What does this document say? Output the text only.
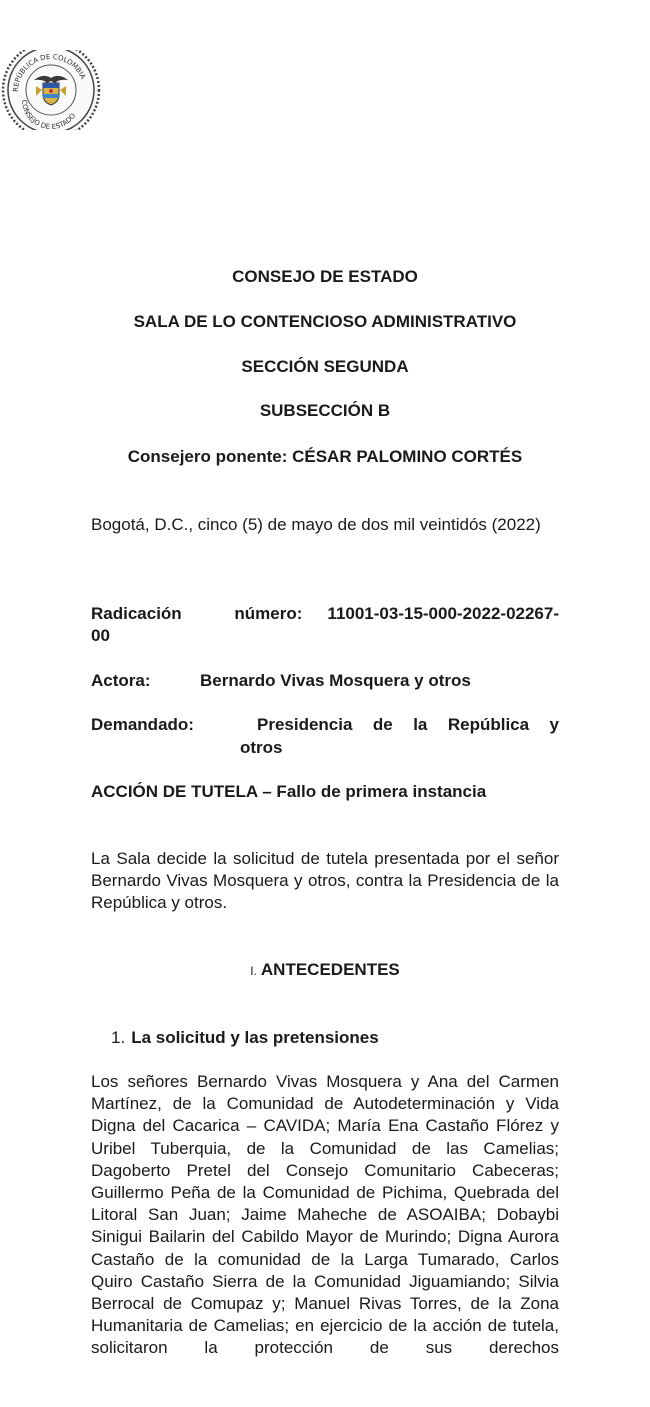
REPÚBLICA DE COLOMBIA
CONSEJO DE ESTADO
CONSEJO DE ESTADO
SALA DE LO CONTENCIOSO ADMINISTRATIVO
SECCIÓN SEGUNDA
SUBSECCIÓN B
Consejero ponente: CÉSAR PALOMINO CORTÉS
Bogotá, D.C., cinco (5) de mayo de dos mil veintidós (2022)
Radicación número: 11001-03-15-000-2022-02267-
00
Actora:	Bernardo Vivas Mosquera y otros
Demandado:	Presidencia de la República y
otros
ACCIÓN DE TUTELA – Fallo de primera instancia
La Sala decide la solicitud de tutela presentada por el señor Bernardo Vivas Mosquera y otros, contra la Presidencia de la República y otros.
I. ANTECEDENTES
1. La solicitud y las pretensiones
Los señores Bernardo Vivas Mosquera y Ana del Carmen Martínez, de la Comunidad de Autodeterminación y Vida Digna del Cacarica – CAVIDA; María Ena Castaño Flórez y Uribel Tuberquia, de la Comunidad de las Camelias; Dagoberto Pretel del Consejo Comunitario Cabeceras; Guillermo Peña de la Comunidad de Pichima, Quebrada del Litoral San Juan; Jaime Maheche de ASOAIBA; Dobaybi Sinigui Bailarin del Cabildo Mayor de Murindo; Digna Aurora Castaño de la comunidad de la Larga Tumarado, Carlos Quiro Castaño Sierra de la Comunidad Jiguamiando; Silvia Berrocal de Comupaz y; Manuel Rivas Torres, de la Zona Humanitaria de Camelias; en ejercicio de la acción de tutela, solicitaron la protección de sus derechos
